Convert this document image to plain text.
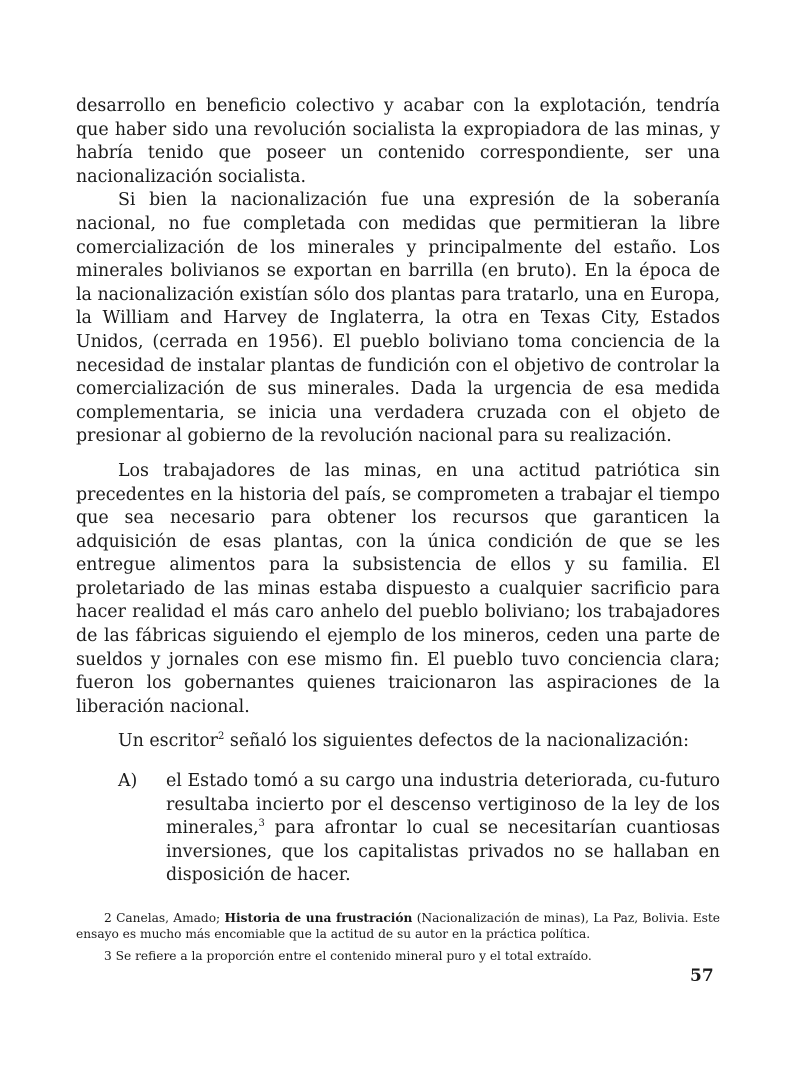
desarrollo en beneficio colectivo y acabar con la explotación, tendría que haber sido una revolución socialista la expropiadora de las minas, y habría tenido que poseer un contenido correspondiente, ser una nacionalización socialista.

Si bien la nacionalización fue una expresión de la soberanía nacional, no fue completada con medidas que permitieran la libre comercialización de los minerales y principalmente del estaño. Los minerales bolivianos se exportan en barrilla (en bruto). En la época de la nacionalización existían sólo dos plantas para tratarlo, una en Europa, la William and Harvey de Inglaterra, la otra en Texas City, Estados Unidos, (cerrada en 1956). El pueblo boliviano toma conciencia de la necesidad de instalar plantas de fundición con el objetivo de controlar la comercialización de sus minerales. Dada la urgencia de esa medida complementaria, se inicia una verdadera cruzada con el objeto de presionar al gobierno de la revolución nacional para su realización.

Los trabajadores de las minas, en una actitud patriótica sin precedentes en la historia del país, se comprometen a trabajar el tiempo que sea necesario para obtener los recursos que garanticen la adquisición de esas plantas, con la única condición de que se les entregue alimentos para la subsistencia de ellos y su familia. El proletariado de las minas estaba dispuesto a cualquier sacrificio para hacer realidad el más caro anhelo del pueblo boliviano; los trabajadores de las fábricas siguiendo el ejemplo de los mineros, ceden una parte de sueldos y jornales con ese mismo fin. El pueblo tuvo conciencia clara; fueron los gobernantes quienes traicionaron las aspiraciones de la liberación nacional.

Un escritor$^2$ señaló los siguientes defectos de la nacionalización:

A)	el Estado tomó a su cargo una industria deteriorada, cu-futuro resultaba incierto por el descenso vertiginoso de la ley de los minerales,$^3$ para afrontar lo cual se necesitarían cuantiosas inversiones, que los capitalistas privados no se hallaban en disposición de hacer.

2 Canelas, Amado; Historia de una frustración (Nacionalización de minas), La Paz, Bolivia. Este ensayo es mucho más encomiable que la actitud de su autor en la práctica política.

3 Se refiere a la proporción entre el contenido mineral puro y el total extraído.

57
